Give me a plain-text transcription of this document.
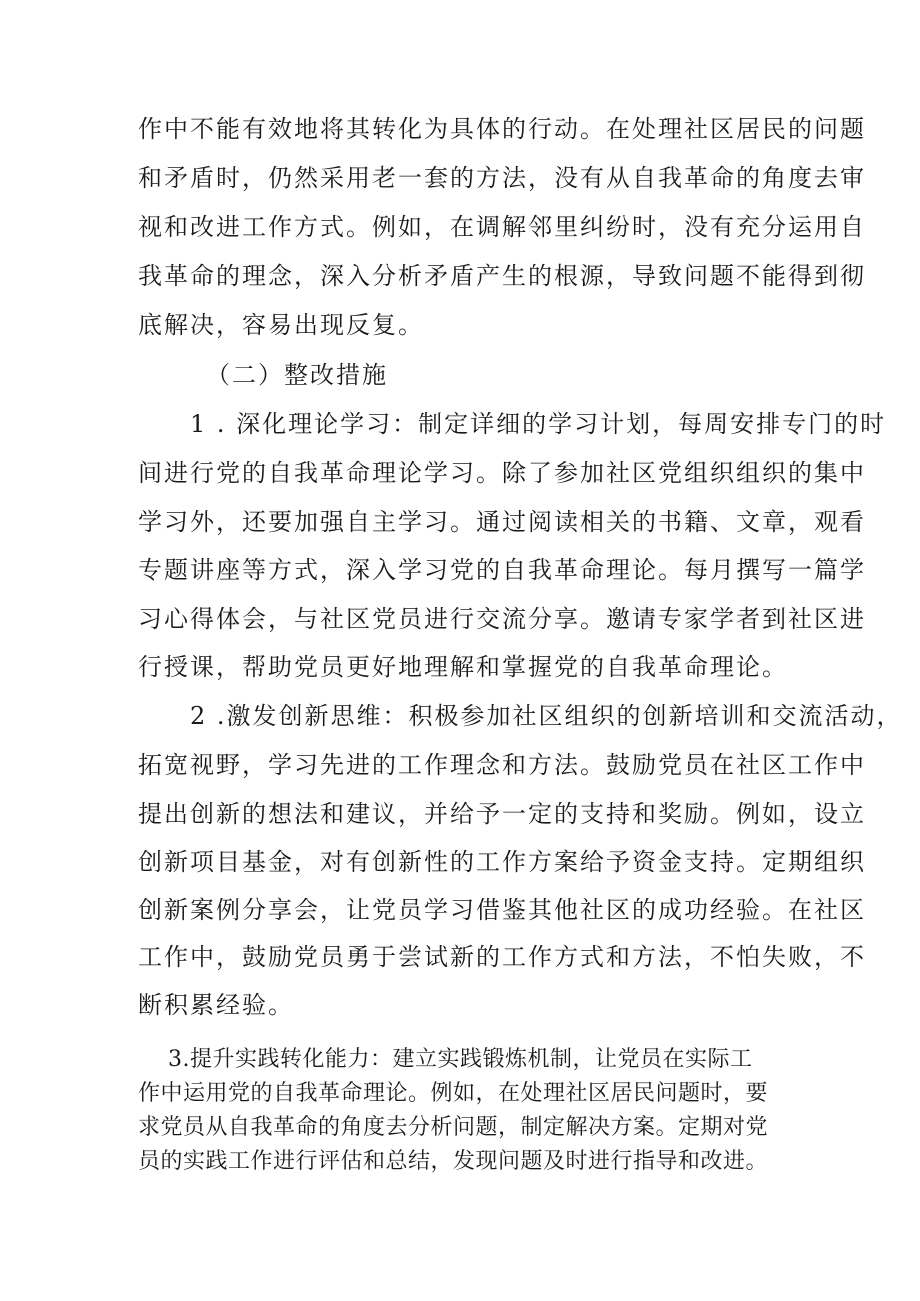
作中不能有效地将其转化为具体的行动。在处理社区居民的问题
和矛盾时，仍然采用老一套的方法，没有从自我革命的角度去审
视和改进工作方式。例如，在调解邻里纠纷时，没有充分运用自
我革命的理念，深入分析矛盾产生的根源，导致问题不能得到彻
底解决，容易出现反复。
（二）整改措施
1 . 深化理论学习：制定详细的学习计划，每周安排专门的时
间进行党的自我革命理论学习。除了参加社区党组织组织的集中
学习外，还要加强自主学习。通过阅读相关的书籍、文章，观看
专题讲座等方式，深入学习党的自我革命理论。每月撰写一篇学
习心得体会，与社区党员进行交流分享。邀请专家学者到社区进
行授课，帮助党员更好地理解和掌握党的自我革命理论。
2 .激发创新思维：积极参加社区组织的创新培训和交流活动，
拓宽视野，学习先进的工作理念和方法。鼓励党员在社区工作中
提出创新的想法和建议，并给予一定的支持和奖励。例如，设立
创新项目基金，对有创新性的工作方案给予资金支持。定期组织
创新案例分享会，让党员学习借鉴其他社区的成功经验。在社区
工作中，鼓励党员勇于尝试新的工作方式和方法，不怕失败，不
断积累经验。
3.提升实践转化能力：建立实践锻炼机制，让党员在实际工
作中运用党的自我革命理论。例如，在处理社区居民问题时，要
求党员从自我革命的角度去分析问题，制定解决方案。定期对党
员的实践工作进行评估和总结，发现问题及时进行指导和改进。
